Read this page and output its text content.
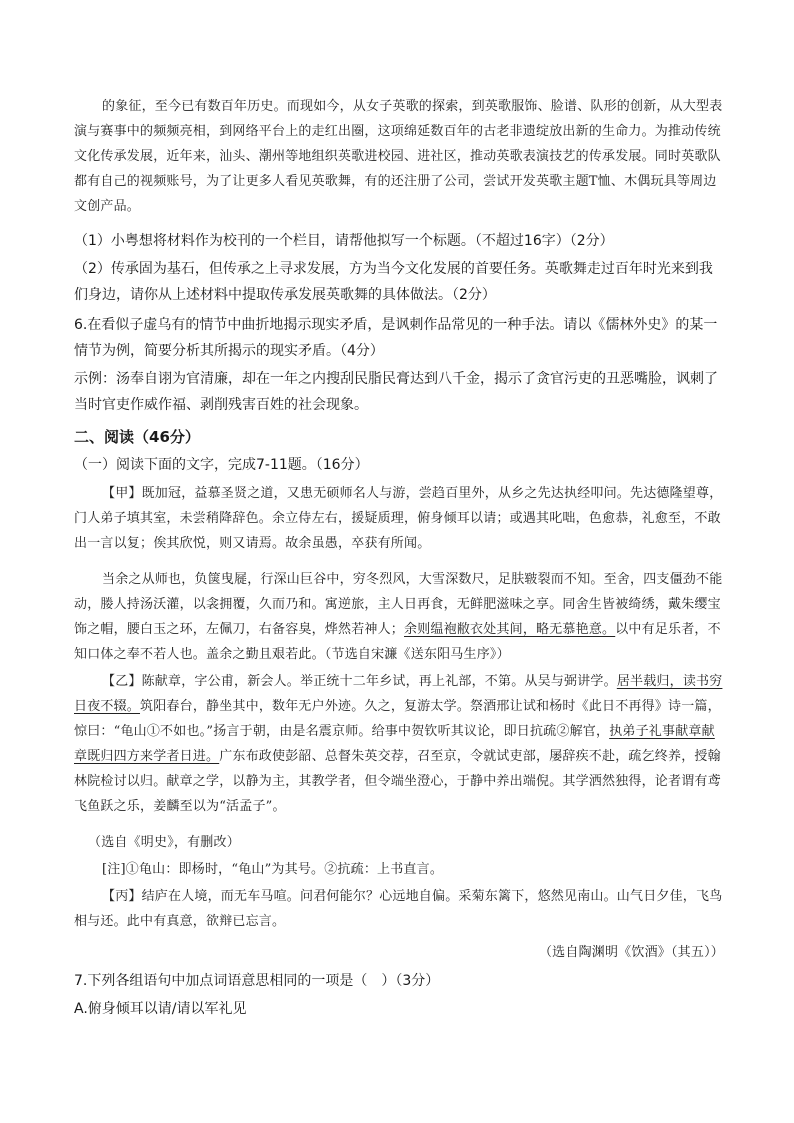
的象征，至今已有数百年历史。而现如今，从女子英歌的探索，到英歌服饰、脸谱、队形的创新，从大型表演与赛事中的频频亮相，到网络平台上的走红出圈，这项绵延数百年的古老非遗绽放出新的生命力。为推动传统文化传承发展，近年来，汕头、潮州等地组织英歌进校园、进社区，推动英歌表演技艺的传承发展。同时英歌队都有自己的视频账号，为了让更多人看见英歌舞，有的还注册了公司，尝试开发英歌主题T恤、木偶玩具等周边文创产品。
（1）小粤想将材料作为校刊的一个栏目，请帮他拟写一个标题。（不超过16字）（2分）
（2）传承固为基石，但传承之上寻求发展，方为当今文化发展的首要任务。英歌舞走过百年时光来到我们身边，请你从上述材料中提取传承发展英歌舞的具体做法。（2分）
6.在看似子虚乌有的情节中曲折地揭示现实矛盾，是讽刺作品常见的一种手法。请以《儒林外史》的某一情节为例，简要分析其所揭示的现实矛盾。（4分）
示例：汤奉自诩为官清廉，却在一年之内搜刮民脂民膏达到八千金，揭示了贪官污吏的丑恶嘴脸，讽刺了当时官吏作威作福、剥削残害百姓的社会现象。
二、阅读（46分）
（一）阅读下面的文字，完成7-11题。（16分）
【甲】既加冠，益慕圣贤之道，又患无硕师名人与游，尝趋百里外，从乡之先达执经叩问。先达德隆望尊，门人弟子填其室，未尝稍降辞色。余立侍左右，援疑质理，俯身倾耳以请；或遇其叱咄，色愈恭，礼愈至，不敢出一言以复；俟其欣悦，则又请焉。故余虽愚，卒获有所闻。

当余之从师也，负箧曳屣，行深山巨谷中，穷冬烈风，大雪深数尺，足肤皲裂而不知。至舍，四支僵劲不能动，媵人持汤沃灌，以衾拥覆，久而乃和。寓逆旅，主人日再食，无鲜肥滋味之享。同舍生皆被绮绣，戴朱缨宝饰之帽，腰白玉之环，左佩刀，右备容臭，烨然若神人；余则缊袍敝衣处其间，略无慕艳意。以中有足乐者，不知口体之奉不若人也。盖余之勤且艰若此。（节选自宋濂《送东阳马生序》）

【乙】陈献章，字公甫，新会人。举正统十二年乡试，再上礼部，不第。从吴与弼讲学。居半载归，读书穷日夜不辍。筑阳春台，静坐其中，数年无户外迹。久之，复游太学。祭酒邢让试和杨时《此日不再得》诗一篇，惊曰：“龟山①不如也。”扬言于朝，由是名震京师。给事中贺钦听其议论，即日抗疏②解官，执弟子礼事献章献章既归四方来学者日进。广东布政使彭韶、总督朱英交荐，召至京，令就试吏部，屡辞疾不赴，疏乞终养，授翰林院检讨以归。献章之学，以静为主，其教学者，但令端坐澄心，于静中养出端倪。其学洒然独得，论者谓有鸢飞鱼跃之乐，姜麟至以为“活孟子”。

（选自《明史》，有删改）
[注]①龟山：即杨时，“龟山”为其号。②抗疏：上书直言。
【丙】结庐在人境，而无车马喧。问君何能尔？心远地自偏。采菊东篱下，悠然见南山。山气日夕佳，飞鸟相与还。此中有真意，欲辩已忘言。
（选自陶渊明《饮酒》（其五））
7.下列各组语句中加点词语意思相同的一项是（　）（3分）
A.俯身倾耳以请/请以军礼见
